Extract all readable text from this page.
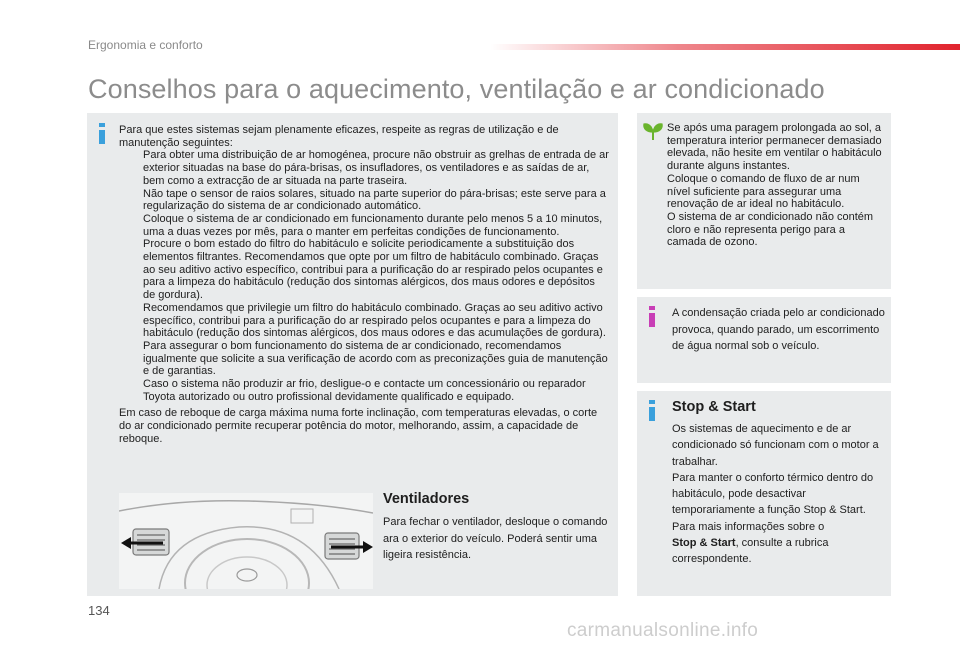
Ergonomia e conforto
Conselhos para o aquecimento, ventilação e ar condicionado

Para que estes sistemas sejam plenamente eficazes, respeite as regras de utilização e de manutenção seguintes:

Para obter uma distribuição de ar homogénea, procure não obstruir as grelhas de entrada de ar exterior situadas na base do pára-brisas, os insufladores, os ventiladores e as saídas de ar, bem como a extracção de ar situada na parte traseira.
Não tape o sensor de raios solares, situado na parte superior do pára-brisas; este serve para a regularização do sistema de ar condicionado automático.
Coloque o sistema de ar condicionado em funcionamento durante pelo menos 5 a 10 minutos, uma a duas vezes por mês, para o manter em perfeitas condições de funcionamento.
Procure o bom estado do filtro do habitáculo e solicite periodicamente a substituição dos elementos filtrantes. Recomendamos que opte por um filtro de habitáculo combinado. Graças ao seu aditivo activo específico, contribui para a purificação do ar respirado pelos ocupantes e para a limpeza do habitáculo (redução dos sintomas alérgicos, dos maus odores e depósitos de gordura).
Recomendamos que privilegie um filtro do habitáculo combinado. Graças ao seu aditivo activo específico, contribui para a purificação do ar respirado pelos ocupantes e para a limpeza do habitáculo (redução dos sintomas alérgicos, dos maus odores e das acumulações de gordura).
Para assegurar o bom funcionamento do sistema de ar condicionado, recomendamos igualmente que solicite a sua verificação de acordo com as preconizações guia de manutenção e de garantias.
Caso o sistema não produzir ar frio, desligue-o e contacte um concessionário ou reparador Toyota autorizado ou outro profissional devidamente qualificado e equipado.

Em caso de reboque de carga máxima numa forte inclinação, com temperaturas elevadas, o corte do ar condicionado permite recuperar potência do motor, melhorando, assim, a capacidade de reboque.

Ventiladores
Para fechar o ventilador, desloque o comando ara o exterior do veículo. Poderá sentir uma ligeira resistência.

Se após uma paragem prolongada ao sol, a temperatura interior permanecer demasiado elevada, não hesite em ventilar o habitáculo durante alguns instantes.

Coloque o comando de fluxo de ar num nível suficiente para assegurar uma renovação de ar ideal no habitáculo.

O sistema de ar condicionado não contém cloro e não representa perigo para a camada de ozono.

A condensação criada pelo ar condicionado provoca, quando parado, um escorrimento de água normal sob o veículo.
Stop & Start

Os sistemas de aquecimento e de ar condicionado só funcionam com o motor a trabalhar.

Para manter o conforto térmico dentro do habitáculo, pode desactivar temporariamente a função Stop & Start.

Para mais informações sobre o
Stop & Start, consulte a rubrica correspondente.

134
carmanualsonline.info
